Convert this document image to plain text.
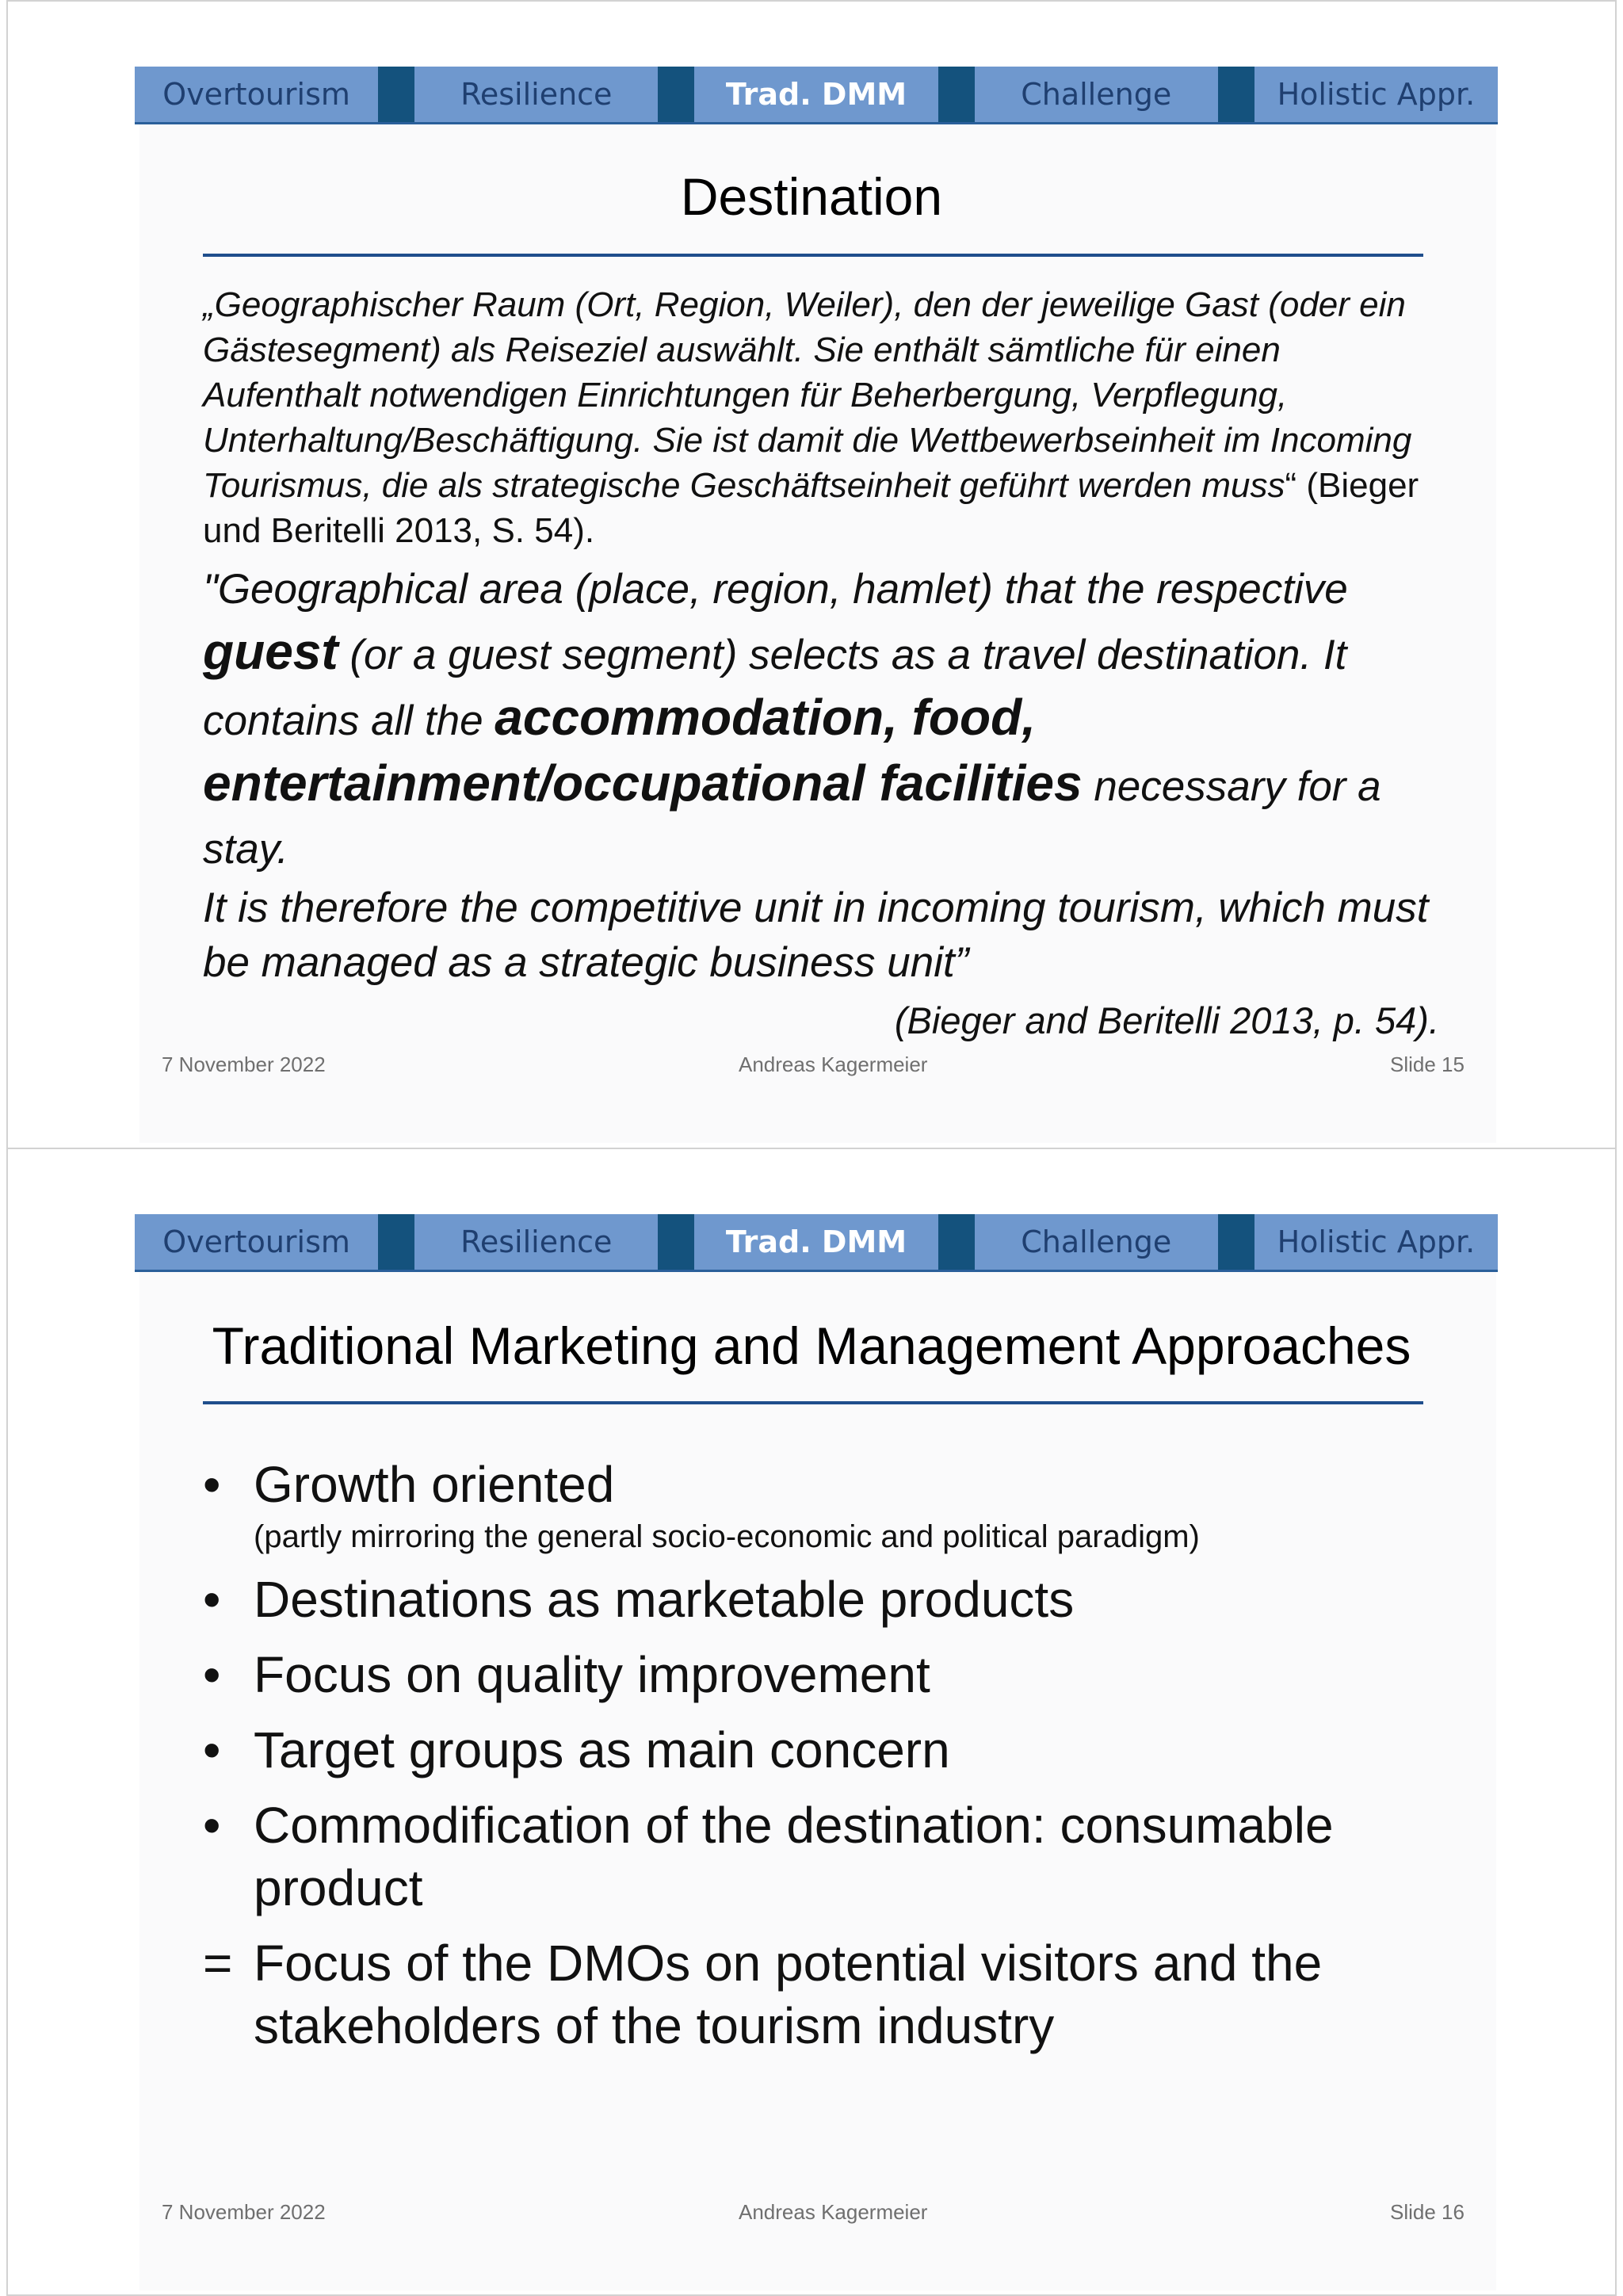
Overtourism	Resilience	Trad. DMM	Challenge	Holistic Appr.
Destination

„Geographischer Raum (Ort, Region, Weiler), den der jeweilige Gast (oder ein Gästesegment) als Reiseziel auswählt. Sie enthält sämtliche für einen Aufenthalt notwendigen Einrichtungen für Beherbergung, Verpflegung, Unterhaltung/Beschäftigung. Sie ist damit die Wettbewerbseinheit im Incoming Tourismus, die als strategische Geschäftseinheit geführt werden muss“ (Bieger und Beritelli 2013, S. 54).

"Geographical area (place, region, hamlet) that the respective guest (or a guest segment) selects as a travel destination. It contains all the accommodation, food, entertainment/occupational facilities necessary for a stay.

It is therefore the competitive unit in incoming tourism, which must be managed as a strategic business unit”

(Bieger and Beritelli 2013, p. 54).

7 November 2022	Andreas Kagermeier	Slide 15
Overtourism	Resilience	Trad. DMM	Challenge	Holistic Appr.
Traditional Marketing and Management Approaches
• Growth oriented
(partly mirroring the general socio-economic and political paradigm)
• Destinations as marketable products
• Focus on quality improvement
• Target groups as main concern
• Commodification of the destination: consumable product
= Focus of the DMOs on potential visitors and the stakeholders of the tourism industry
7 November 2022	Andreas Kagermeier	Slide 16
